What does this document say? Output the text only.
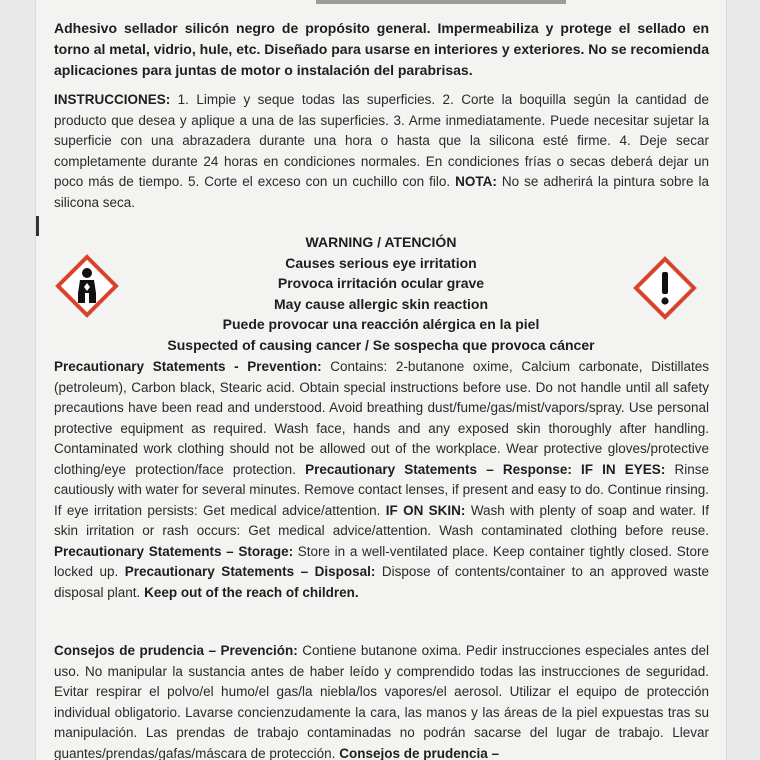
Adhesivo sellador silicón negro de propósito general. Impermeabiliza y protege el sellado en torno al metal, vidrio, hule, etc. Diseñado para usarse en interiores y exteriores. No se recomienda aplicaciones para juntas de motor o instalación del parabrisas.
INSTRUCCIONES: 1. Limpie y seque todas las superficies. 2. Corte la boquilla según la cantidad de producto que desea y aplique a una de las superficies. 3. Arme inmediatamente. Puede necesitar sujetar la superficie con una abrazadera durante una hora o hasta que la silicona esté firme. 4. Deje secar completamente durante 24 horas en condiciones normales. En condiciones frías o secas deberá dejar un poco más de tiempo. 5. Corte el exceso con un cuchillo con filo. NOTA: No se adherirá la pintura sobre la silicona seca.
WARNING / ATENCIÓN
Causes serious eye irritation
Provoca irritación ocular grave
May cause allergic skin reaction
Puede provocar una reacción alérgica en la piel
Suspected of causing cancer / Se sospecha que provoca cáncer
Precautionary Statements - Prevention: Contains: 2-butanone oxime, Calcium carbonate, Distillates (petroleum), Carbon black, Stearic acid. Obtain special instructions before use. Do not handle until all safety precautions have been read and understood. Avoid breathing dust/fume/gas/mist/vapors/spray. Use personal protective equipment as required. Wash face, hands and any exposed skin thoroughly after handling. Contaminated work clothing should not be allowed out of the workplace. Wear protective gloves/protective clothing/eye protection/face protection. Precautionary Statements – Response: IF IN EYES: Rinse cautiously with water for several minutes. Remove contact lenses, if present and easy to do. Continue rinsing. If eye irritation persists: Get medical advice/attention. IF ON SKIN: Wash with plenty of soap and water. If skin irritation or rash occurs: Get medical advice/attention. Wash contaminated clothing before reuse. Precautionary Statements – Storage: Store in a well-ventilated place. Keep container tightly closed. Store locked up. Precautionary Statements – Disposal: Dispose of contents/container to an approved waste disposal plant. Keep out of the reach of children.
Consejos de prudencia – Prevención: Contiene butanone oxima. Pedir instrucciones especiales antes del uso. No manipular la sustancia antes de haber leído y comprendido todas las instrucciones de seguridad. Evitar respirar el polvo/el humo/el gas/la niebla/los vapores/el aerosol. Utilizar el equipo de protección individual obligatorio. Lavarse concienzudamente la cara, las manos y las áreas de la piel expuestas tras su manipulación. Las prendas de trabajo contaminadas no podrán sacarse del lugar de trabajo. Llevar guantes/prendas/gafas/máscara de protección. Consejos de prudencia –
